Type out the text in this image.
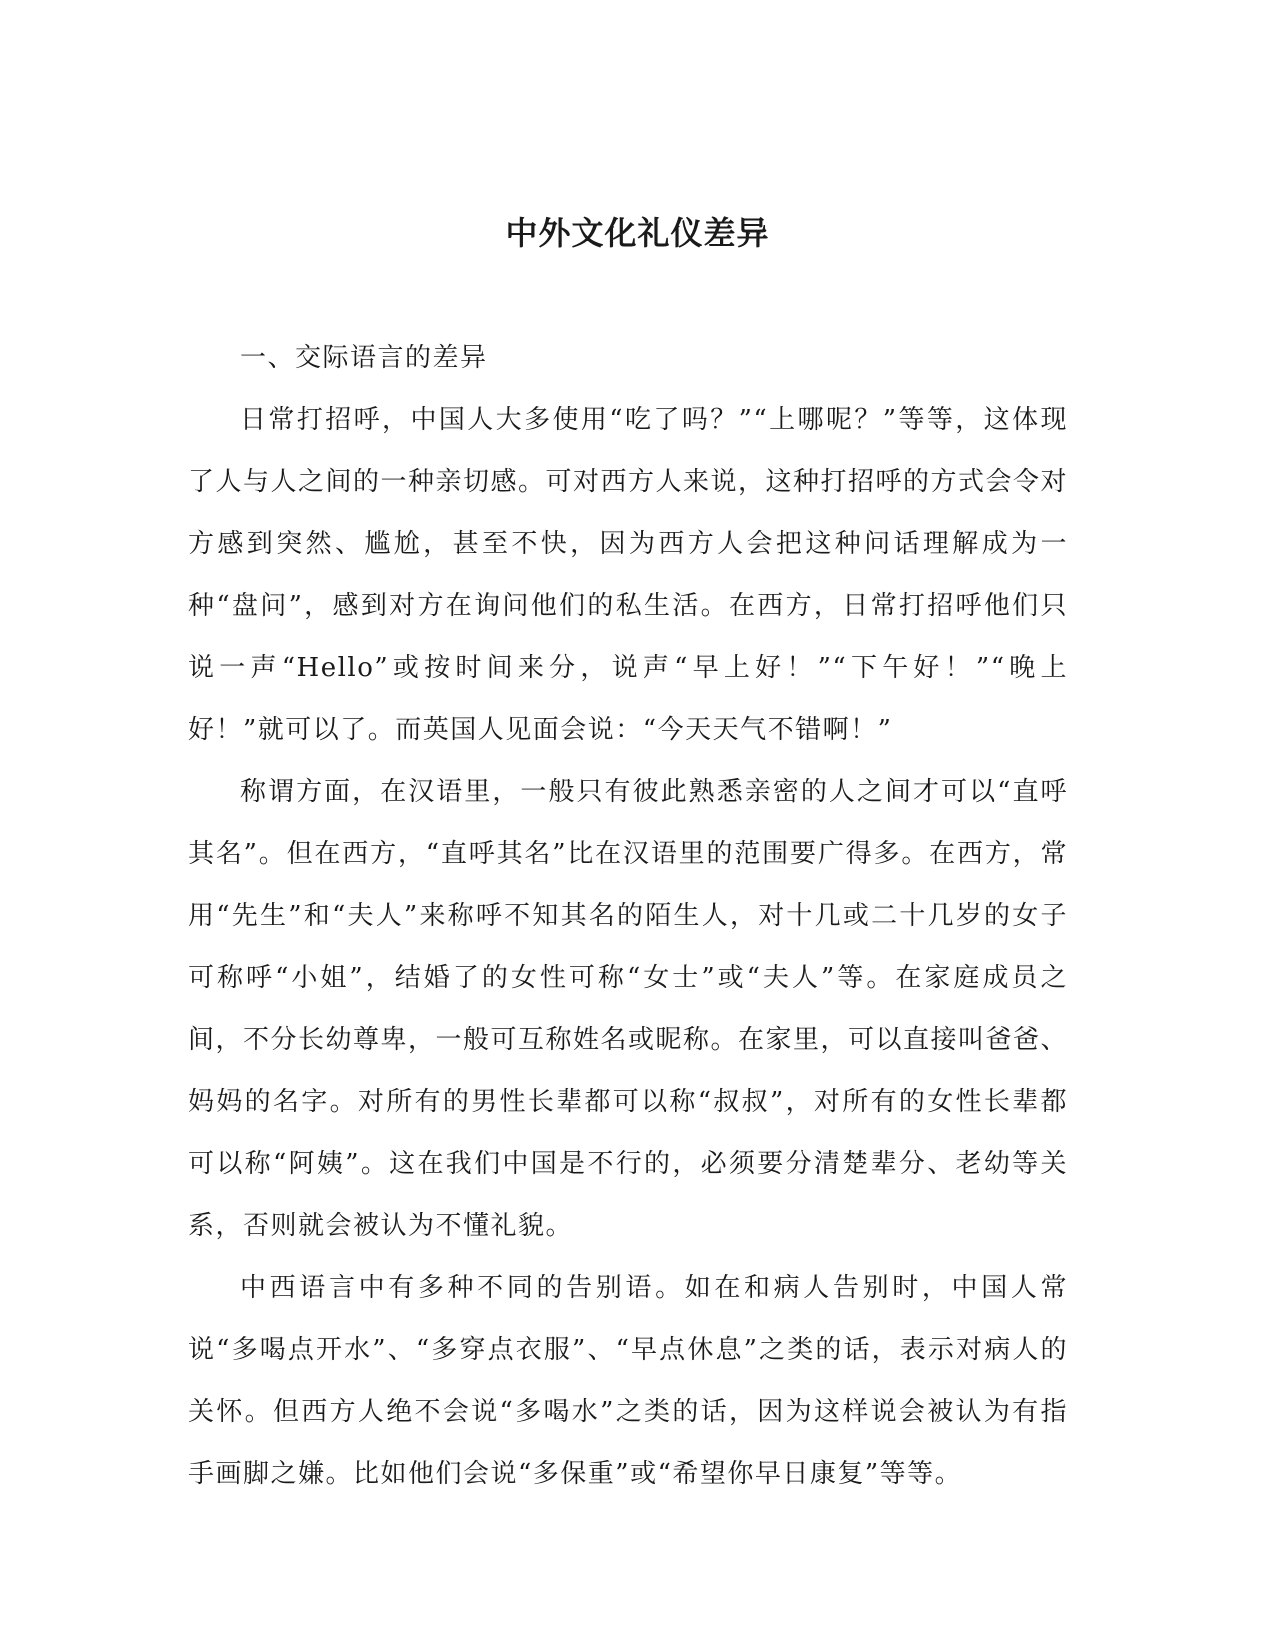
中外文化礼仪差异
一、交际语言的差异

日常打招呼，中国人大多使用“吃了吗？”“上哪呢？”等等，这体现了人与人之间的一种亲切感。可对西方人来说，这种打招呼的方式会令对方感到突然、尴尬，甚至不快，因为西方人会把这种问话理解成为一种“盘问”，感到对方在询问他们的私生活。在西方，日常打招呼他们只说一声“Hello”或按时间来分，说声“早上好！”“下午好！”“晚上好！”就可以了。而英国人见面会说：“今天天气不错啊！”

称谓方面，在汉语里，一般只有彼此熟悉亲密的人之间才可以“直呼其名”。但在西方，“直呼其名”比在汉语里的范围要广得多。在西方，常用“先生”和“夫人”来称呼不知其名的陌生人，对十几或二十几岁的女子可称呼“小姐”，结婚了的女性可称“女士”或“夫人”等。在家庭成员之间，不分长幼尊卑，一般可互称姓名或昵称。在家里，可以直接叫爸爸、妈妈的名字。对所有的男性长辈都可以称“叔叔”，对所有的女性长辈都可以称“阿姨”。这在我们中国是不行的，必须要分清楚辈分、老幼等关系，否则就会被认为不懂礼貌。

中西语言中有多种不同的告别语。如在和病人告别时，中国人常说“多喝点开水”、“多穿点衣服”、“早点休息”之类的话，表示对病人的关怀。但西方人绝不会说“多喝水”之类的话，因为这样说会被认为有指手画脚之嫌。比如他们会说“多保重”或“希望你早日康复”等等。
